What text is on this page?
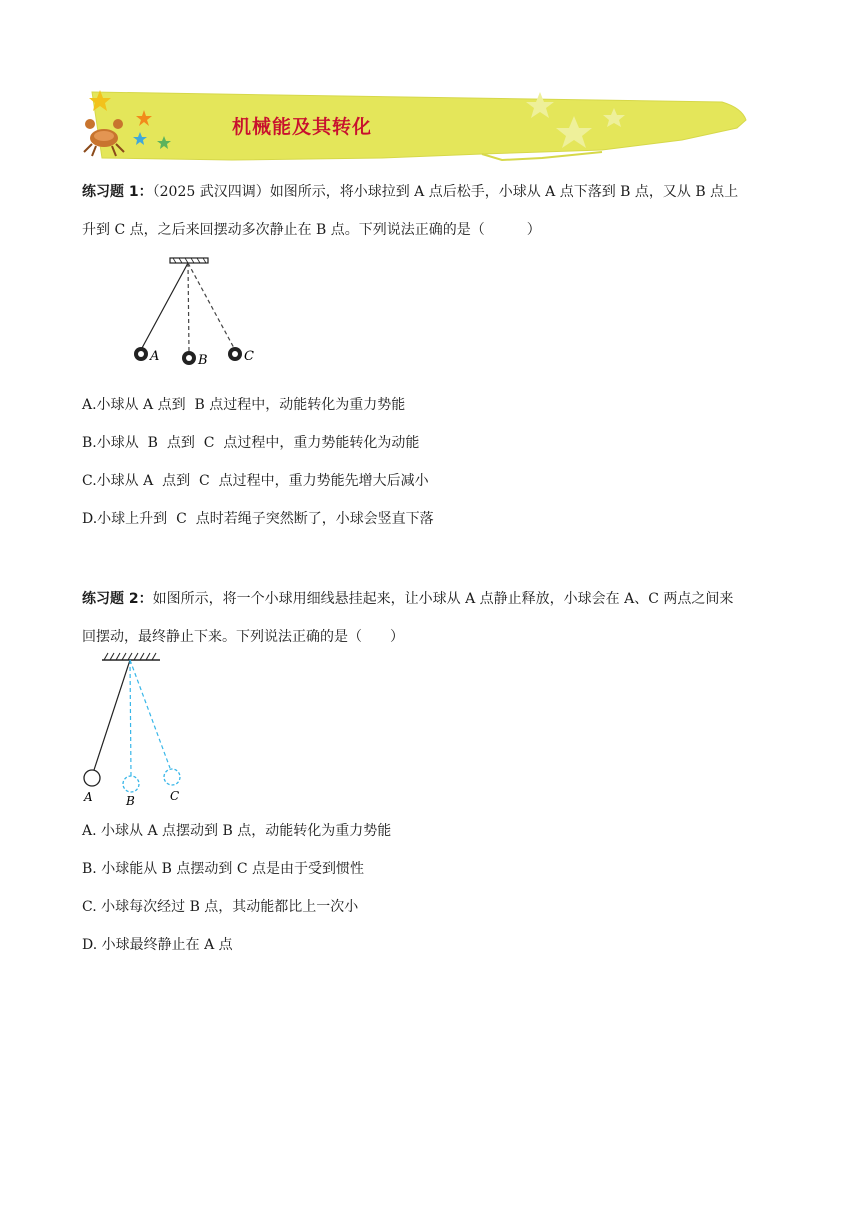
机械能及其转化
练习题 1：（2025 武汉四调）如图所示，将小球拉到 A 点后松手，小球从 A 点下落到 B 点，又从 B 点上
升到 C 点，之后来回摆动多次静止在 B 点。下列说法正确的是（　　　）
A	B	C
A.小球从 A 点到  B 点过程中，动能转化为重力势能
B.小球从  B  点到  C  点过程中，重力势能转化为动能
C.小球从 A  点到  C  点过程中，重力势能先增大后减小
D.小球上升到  C  点时若绳子突然断了，小球会竖直下落
练习题 2：如图所示，将一个小球用细线悬挂起来，让小球从 A 点静止释放，小球会在 A、C 两点之间来
回摆动，最终静止下来。下列说法正确的是（　　）
A	B	C
A. 小球从 A 点摆动到 B 点，动能转化为重力势能
B. 小球能从 B 点摆动到 C 点是由于受到惯性
C. 小球每次经过 B 点，其动能都比上一次小
D. 小球最终静止在 A 点
